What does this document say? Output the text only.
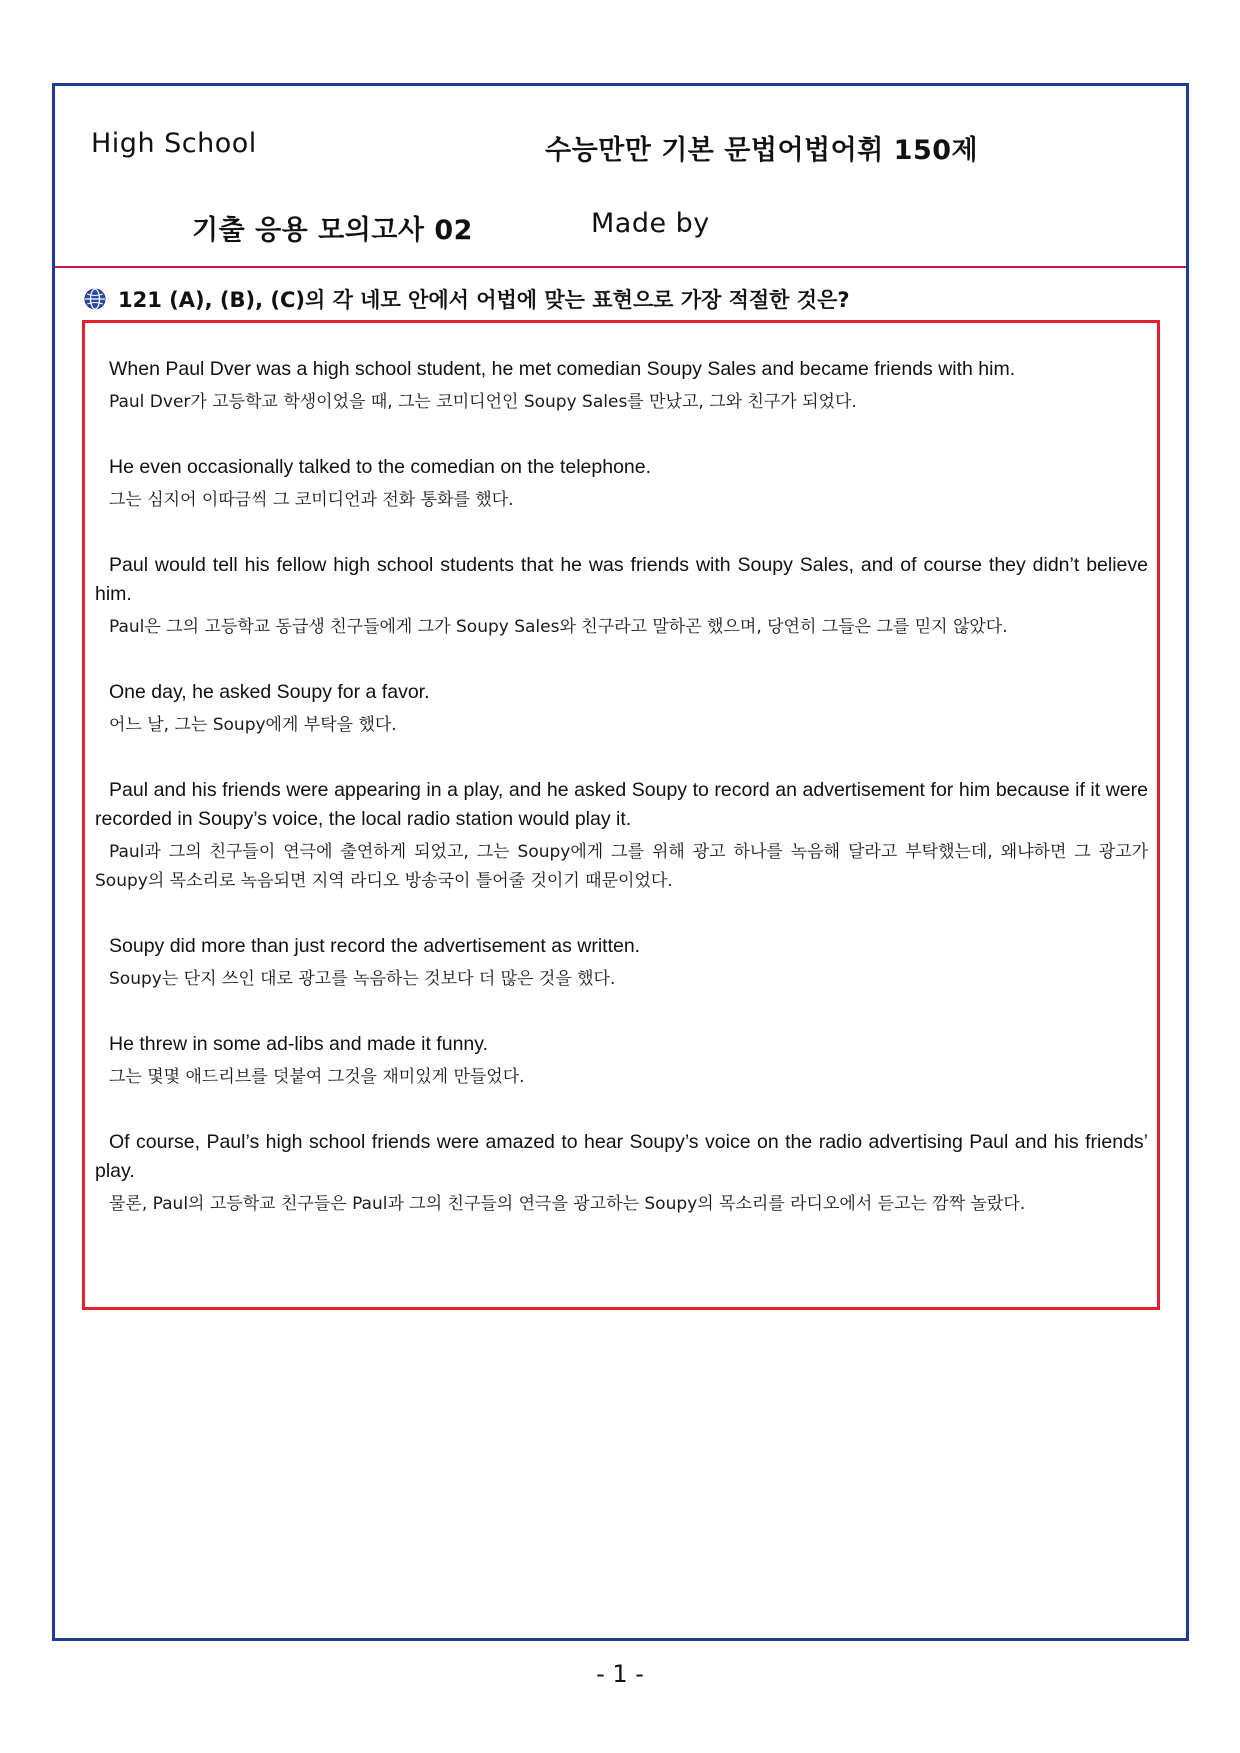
High School	수능만만 기본 문법어법어휘 150제
기출 응용 모의고사 02	Made by
121 (A), (B), (C)의 각 네모 안에서 어법에 맞는 표현으로 가장 적절한 것은?

When Paul Dver was a high school student, he met comedian Soupy Sales and became friends with him.

Paul Dver가 고등학교 학생이었을 때, 그는 코미디언인 Soupy Sales를 만났고, 그와 친구가 되었다.

He even occasionally talked to the comedian on the telephone.

그는 심지어 이따금씩 그 코미디언과 전화 통화를 했다.

Paul would tell his fellow high school students that he was friends with Soupy Sales, and of course they didn’t believe him.

Paul은 그의 고등학교 동급생 친구들에게 그가 Soupy Sales와 친구라고 말하곤 했으며, 당연히 그들은 그를 믿지 않았다.

One day, he asked Soupy for a favor.

어느 날, 그는 Soupy에게 부탁을 했다.

Paul and his friends were appearing in a play, and he asked Soupy to record an advertisement for him because if it were recorded in Soupy’s voice, the local radio station would play it.

Paul과 그의 친구들이 연극에 출연하게 되었고, 그는 Soupy에게 그를 위해 광고 하나를 녹음해 달라고 부탁했는데, 왜냐하면 그 광고가 Soupy의 목소리로 녹음되면 지역 라디오 방송국이 틀어줄 것이기 때문이었다.

Soupy did more than just record the advertisement as written.

Soupy는 단지 쓰인 대로 광고를 녹음하는 것보다 더 많은 것을 했다.

He threw in some ad-libs and made it funny.

그는 몇몇 애드리브를 덧붙여 그것을 재미있게 만들었다.

Of course, Paul’s high school friends were amazed to hear Soupy’s voice on the radio advertising Paul and his friends’ play.

물론, Paul의 고등학교 친구들은 Paul과 그의 친구들의 연극을 광고하는 Soupy의 목소리를 라디오에서 듣고는 깜짝 놀랐다.

- 1 -
